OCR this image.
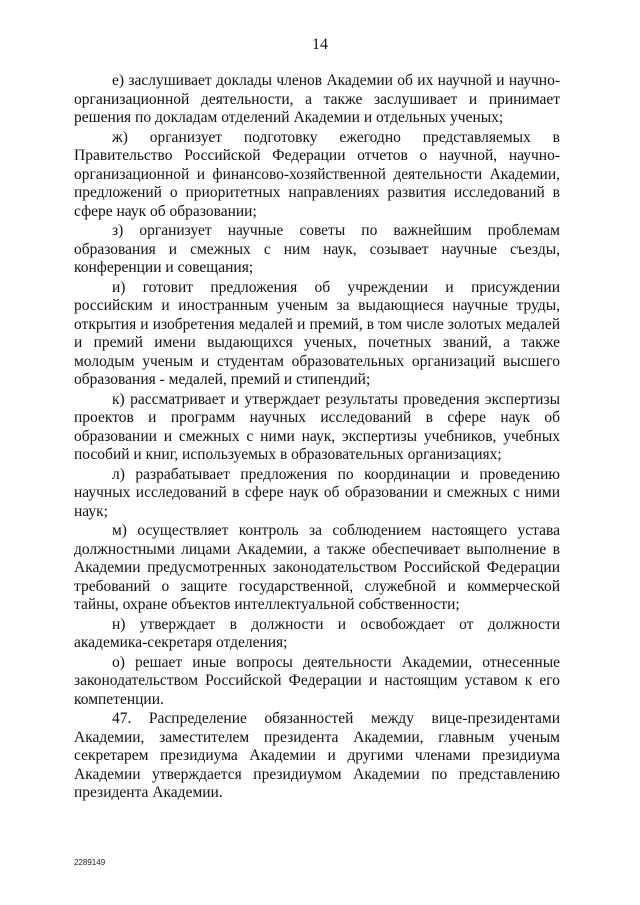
14

е) заслушивает доклады членов Академии об их научной и научно-организационной деятельности, а также заслушивает и принимает решения по докладам отделений Академии и отдельных ученых;

ж) организует подготовку ежегодно представляемых в Правительство Российской Федерации отчетов о научной, научно-организационной и финансово-хозяйственной деятельности Академии, предложений о приоритетных направлениях развития исследований в сфере наук об образовании;

з) организует научные советы по важнейшим проблемам образования и смежных с ним наук, созывает научные съезды, конференции и совещания;

и) готовит предложения об учреждении и присуждении российским и иностранным ученым за выдающиеся научные труды, открытия и изобретения медалей и премий, в том числе золотых медалей и премий имени выдающихся ученых, почетных званий, а также молодым ученым и студентам образовательных организаций высшего образования - медалей, премий и стипендий;

к) рассматривает и утверждает результаты проведения экспертизы проектов и программ научных исследований в сфере наук об образовании и смежных с ними наук, экспертизы учебников, учебных пособий и книг, используемых в образовательных организациях;

л) разрабатывает предложения по координации и проведению научных исследований в сфере наук об образовании и смежных с ними наук;

м) осуществляет контроль за соблюдением настоящего устава должностными лицами Академии, а также обеспечивает выполнение в Академии предусмотренных законодательством Российской Федерации требований о защите государственной, служебной и коммерческой тайны, охране объектов интеллектуальной собственности;

н) утверждает в должности и освобождает от должности академика-секретаря отделения;

о) решает иные вопросы деятельности Академии, отнесенные законодательством Российской Федерации и настоящим уставом к его компетенции.

47. Распределение обязанностей между вице-президентами Академии, заместителем президента Академии, главным ученым секретарем президиума Академии и другими членами президиума Академии утверждается президиумом Академии по представлению президента Академии.

2289149
